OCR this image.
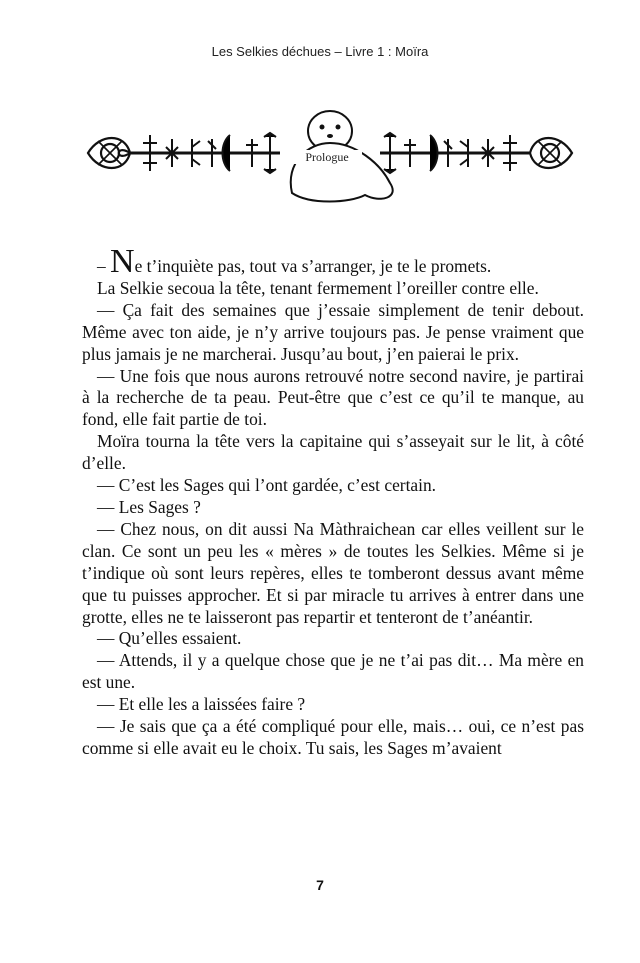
Les Selkies déchues – Livre 1 : Moïra
Prologue

– Ne t’inquiète pas, tout va s’arranger, je te le promets.

La Selkie secoua la tête, tenant fermement l’oreiller contre elle.

— Ça fait des semaines que j’essaie simplement de tenir debout. Même avec ton aide, je n’y arrive toujours pas. Je pense vraiment que plus jamais je ne marcherai. Jusqu’au bout, j’en paierai le prix.

— Une fois que nous aurons retrouvé notre second navire, je partirai à la recherche de ta peau. Peut-être que c’est ce qu’il te manque, au fond, elle fait partie de toi.

Moïra tourna la tête vers la capitaine qui s’asseyait sur le lit, à côté d’elle.

— C’est les Sages qui l’ont gardée, c’est certain.

— Les Sages ?

— Chez nous, on dit aussi Na Màthraichean car elles veillent sur le clan. Ce sont un peu les « mères » de toutes les Selkies. Même si je t’indique où sont leurs repères, elles te tomberont dessus avant même que tu puisses approcher. Et si par miracle tu arrives à entrer dans une grotte, elles ne te laisseront pas repartir et tenteront de t’anéantir.

— Qu’elles essaient.

— Attends, il y a quelque chose que je ne t’ai pas dit… Ma mère en est une.

— Et elle les a laissées faire ?

— Je sais que ça a été compliqué pour elle, mais… oui, ce n’est pas comme si elle avait eu le choix. Tu sais, les Sages m’avaient

7
